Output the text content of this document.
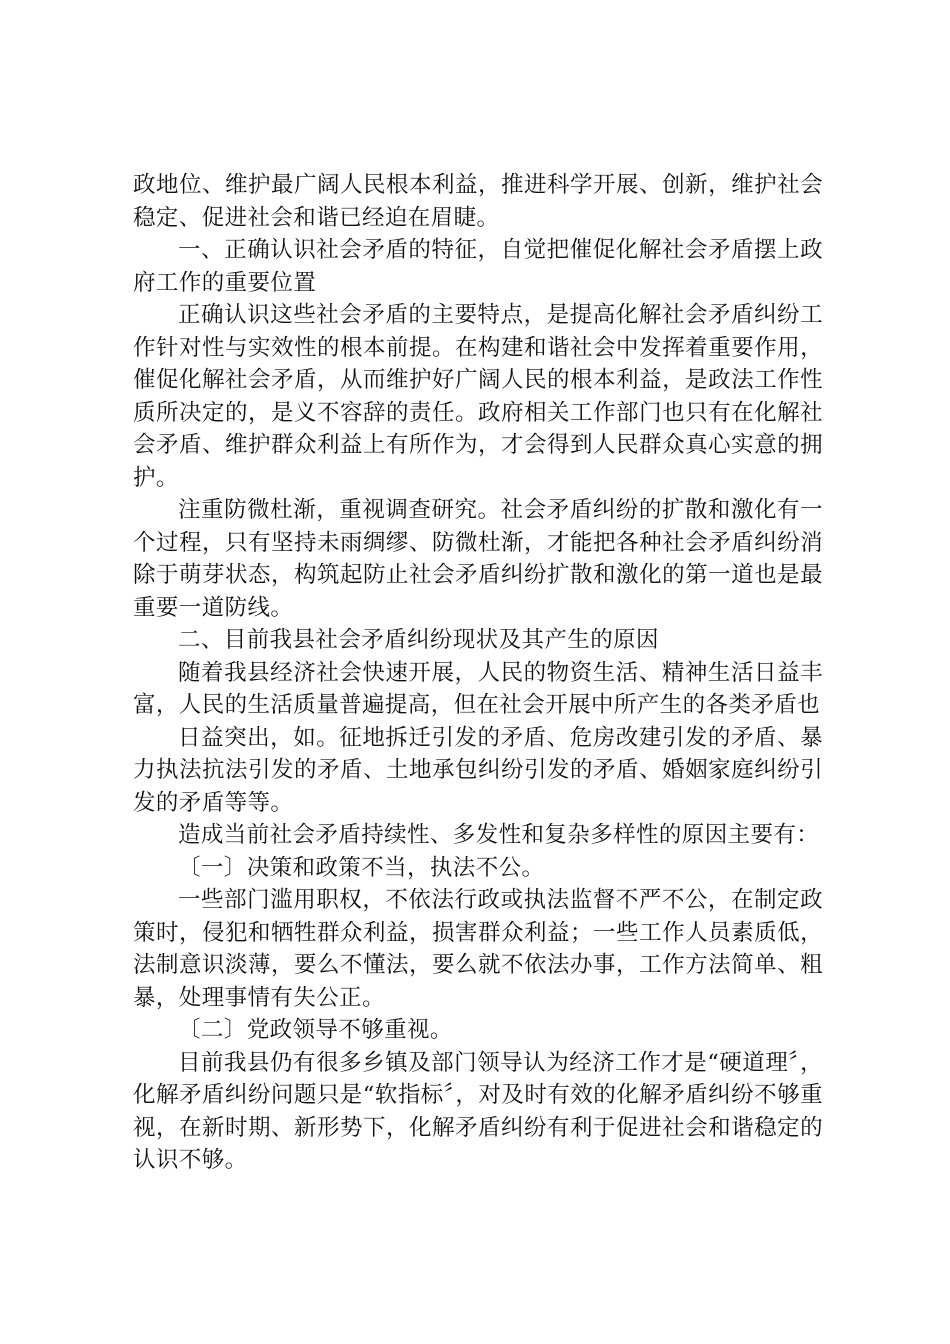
政地位、维护最广阔人民根本利益，推进科学开展、创新，维护社会稳定、促进社会和谐已经迫在眉睫。

一、正确认识社会矛盾的特征，自觉把催促化解社会矛盾摆上政府工作的重要位置

正确认识这些社会矛盾的主要特点，是提高化解社会矛盾纠纷工作针对性与实效性的根本前提。在构建和谐社会中发挥着重要作用，催促化解社会矛盾，从而维护好广阔人民的根本利益，是政法工作性质所决定的，是义不容辞的责任。政府相关工作部门也只有在化解社会矛盾、维护群众利益上有所作为，才会得到人民群众真心实意的拥护。

注重防微杜渐，重视调查研究。社会矛盾纠纷的扩散和激化有一个过程，只有坚持未雨绸缪、防微杜渐，才能把各种社会矛盾纠纷消除于萌芽状态，构筑起防止社会矛盾纠纷扩散和激化的第一道也是最重要一道防线。

二、目前我县社会矛盾纠纷现状及其产生的原因

随着我县经济社会快速开展，人民的物资生活、精神生活日益丰富，人民的生活质量普遍提高，但在社会开展中所产生的各类矛盾也

日益突出，如。征地拆迁引发的矛盾、危房改建引发的矛盾、暴力执法抗法引发的矛盾、土地承包纠纷引发的矛盾、婚姻家庭纠纷引发的矛盾等等。

造成当前社会矛盾持续性、多发性和复杂多样性的原因主要有：

〔一〕决策和政策不当，执法不公。

一些部门滥用职权，不依法行政或执法监督不严不公，在制定政策时，侵犯和牺牲群众利益，损害群众利益；一些工作人员素质低，法制意识淡薄，要么不懂法，要么就不依法办事，工作方法简单、粗暴，处理事情有失公正。

〔二〕党政领导不够重视。

目前我县仍有很多乡镇及部门领导认为经济工作才是“硬道理〞，化解矛盾纠纷问题只是“软指标〞，对及时有效的化解矛盾纠纷不够重视，在新时期、新形势下，化解矛盾纠纷有利于促进社会和谐稳定的认识不够。
